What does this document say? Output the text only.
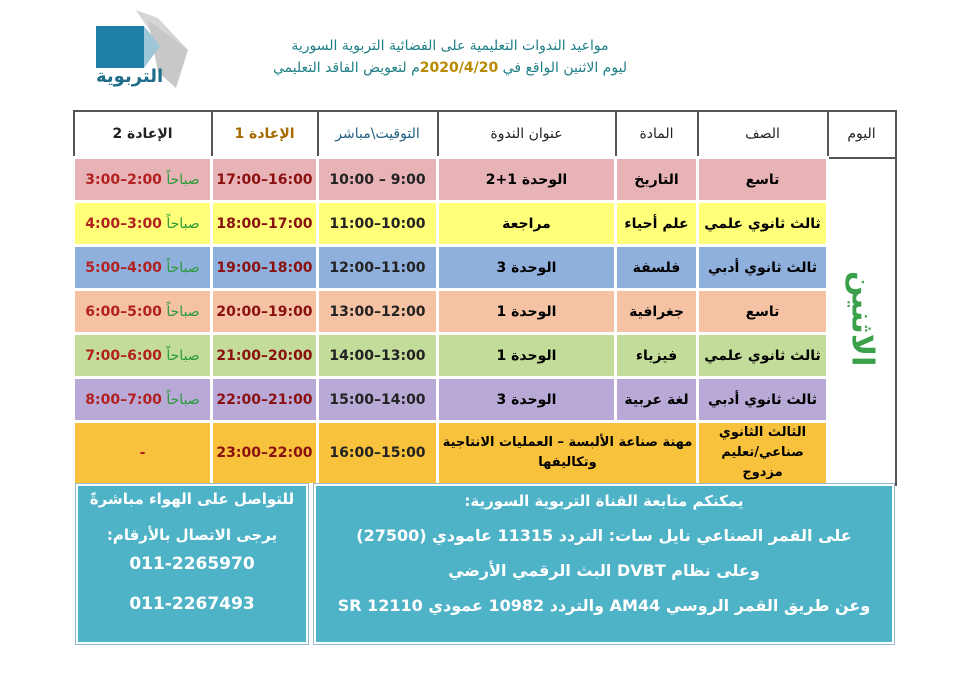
التربوية
مواعيد الندوات التعليمية على الفضائية التربوية السورية
ليوم الاثنين الواقع في 2020/4/20م لتعويض الفاقد التعليمي
الإعادة 2	الإعادة 1	التوقيت\مباشر	عنوان الندوة	المادة	الصف	اليوم
3:00–2:00 صباحاً	17:00–16:00	10:00 – 9:00	الوحدة 1+2	التاريخ	تاسع	الاثنين
4:00–3:00 صباحاً	18:00–17:00	11:00–10:00	مراجعة	علم أحياء	ثالث ثانوي علمي	
5:00–4:00 صباحاً	19:00–18:00	12:00–11:00	الوحدة 3	فلسفة	ثالث ثانوي أدبي	
6:00–5:00 صباحاً	20:00–19:00	13:00–12:00	الوحدة 1	جغرافية	تاسع	
7:00–6:00 صباحاً	21:00–20:00	14:00–13:00	الوحدة 1	فيزياء	ثالث ثانوي علمي	
8:00–7:00 صباحاً	22:00–21:00	15:00–14:00	الوحدة 3	لغة عربية	ثالث ثانوي أدبي	
-	23:00–22:00	16:00–15:00	مهنة صناعة الألبسة – العمليات الانتاجية وتكاليفها		الثالث الثانوي صناعي/تعليم مزدوج	
للتواصل على الهواء مباشرةً
يرجى الاتصال بالأرقام:
011-2265970
011-2267493
يمكنكم متابعة القناة التربوية السورية:
على القمر الصناعي نايل سات: التردد 11315 عامودي (27500)
وعلى نظام DVBT البث الرقمي الأرضي
وعن طريق القمر الروسي AM44 والتردد 10982 عمودي SR 12110
